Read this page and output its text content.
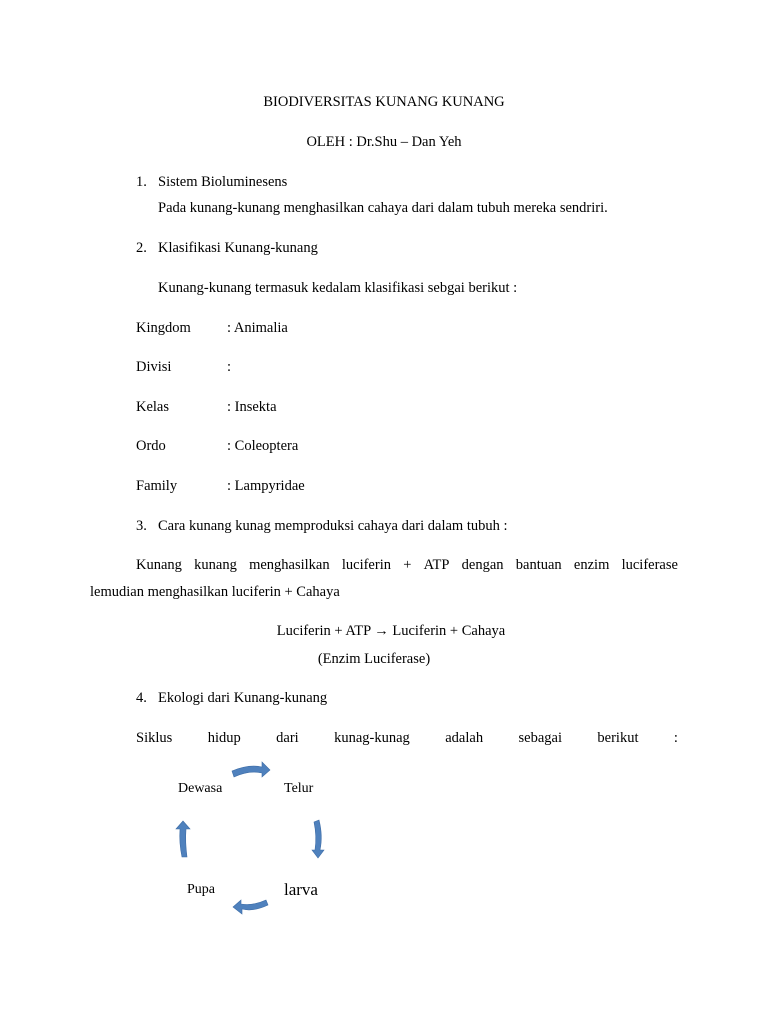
BIODIVERSITAS KUNANG KUNANG
OLEH : Dr.Shu – Dan Yeh
1. Sistem Bioluminesens
Pada kunang-kunang menghasilkan cahaya dari dalam tubuh mereka sendriri.
2. Klasifikasi Kunang-kunang
Kunang-kunang termasuk kedalam klasifikasi sebgai berikut :
Kingdom : Animalia
Divisi	:
Kelas	: Insekta
Ordo	: Coleoptera
Family	: Lampyridae
3. Cara kunang kunag memproduksi cahaya dari dalam tubuh :
Kunang kunang menghasilkan luciferin + ATP dengan bantuan enzim luciferase
lemudian menghasilkan luciferin + Cahaya
Luciferin + ATP → Luciferin + Cahaya
(Enzim Luciferase)
4. Ekologi dari Kunang-kunang
Siklus hidup dari kunag-kunag adalah sebagai berikut :
Dewasa	Telur
larva
Pupa
